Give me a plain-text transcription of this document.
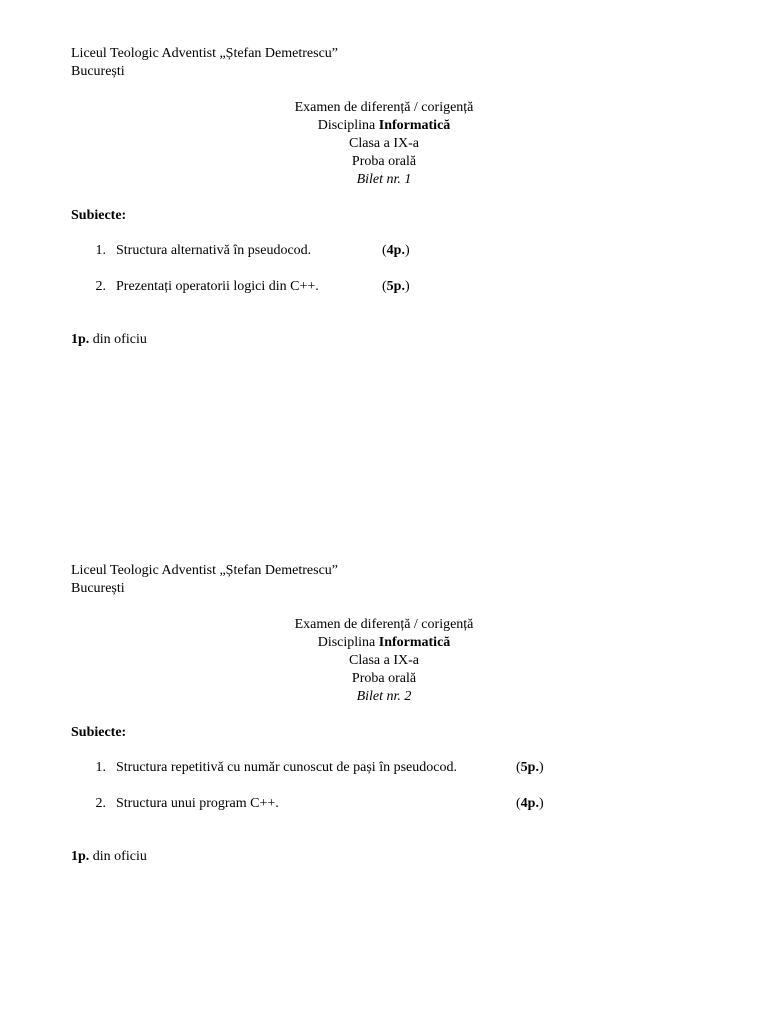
Liceul Teologic Adventist „Ștefan Demetrescu”
București
Examen de diferență / corigență
Disciplina Informatică
Clasa a IX-a
Proba orală
Bilet nr. 1
Subiecte:
1. Structura alternativă în pseudocod.	(4p.)
2. Prezentați operatorii logici din C++.	(5p.)
1p. din oficiu
Liceul Teologic Adventist „Ștefan Demetrescu”
București
Examen de diferență / corigență
Disciplina Informatică
Clasa a IX-a
Proba orală
Bilet nr. 2
Subiecte:
1. Structura repetitivă cu număr cunoscut de pași în pseudocod.	(5p.)
2. Structura unui program C++.	(4p.)
1p. din oficiu
